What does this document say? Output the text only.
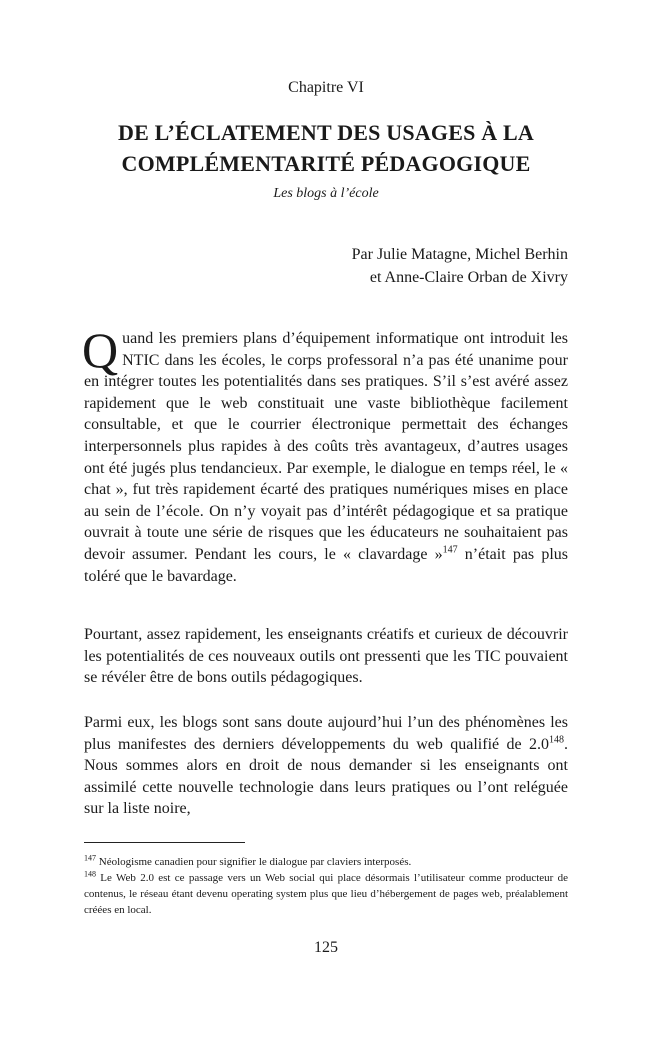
Chapitre VI
DE L’ÉCLATEMENT DES USAGES À LA
COMPLÉMENTARITÉ PÉDAGOGIQUE
Les blogs à l’école
Par Julie Matagne, Michel Berhin
et Anne-Claire Orban de Xivry
Quand les premiers plans d’équipement informatique ont introduit les NTIC dans les écoles, le corps professoral n’a pas été unanime pour en intégrer toutes les potentialités dans ses pratiques. S’il s’est avéré assez rapidement que le web constituait une vaste bibliothèque facilement consultable, et que le courrier électronique permettait des échanges interpersonnels plus rapides à des coûts très avantageux, d’autres usages ont été jugés plus tendancieux. Par exemple, le dialogue en temps réel, le « chat », fut très rapidement écarté des pratiques numériques mises en place au sein de l’école. On n’y voyait pas d’intérêt pédagogique et sa pratique ouvrait à toute une série de risques que les éducateurs ne souhaitaient pas devoir assumer. Pendant les cours, le « clavardage »$^{147}$ n’était pas plus toléré que le bavardage.
Pourtant, assez rapidement, les enseignants créatifs et curieux de découvrir les potentialités de ces nouveaux outils ont pressenti que les TIC pouvaient se révéler être de bons outils pédagogiques.
Parmi eux, les blogs sont sans doute aujourd’hui l’un des phénomènes les plus manifestes des derniers développements du web qualifié de 2.0$^{148}$. Nous sommes alors en droit de nous demander si les enseignants ont assimilé cette nouvelle technologie dans leurs pratiques ou l’ont reléguée sur la liste noire,

$^{147}$ Néologisme canadien pour signifier le dialogue par claviers interposés.

$^{148}$ Le Web 2.0 est ce passage vers un Web social qui place désormais l’utilisateur comme producteur de contenus, le réseau étant devenu operating system plus que lieu d’hébergement de pages web, préalablement créées en local.

125
